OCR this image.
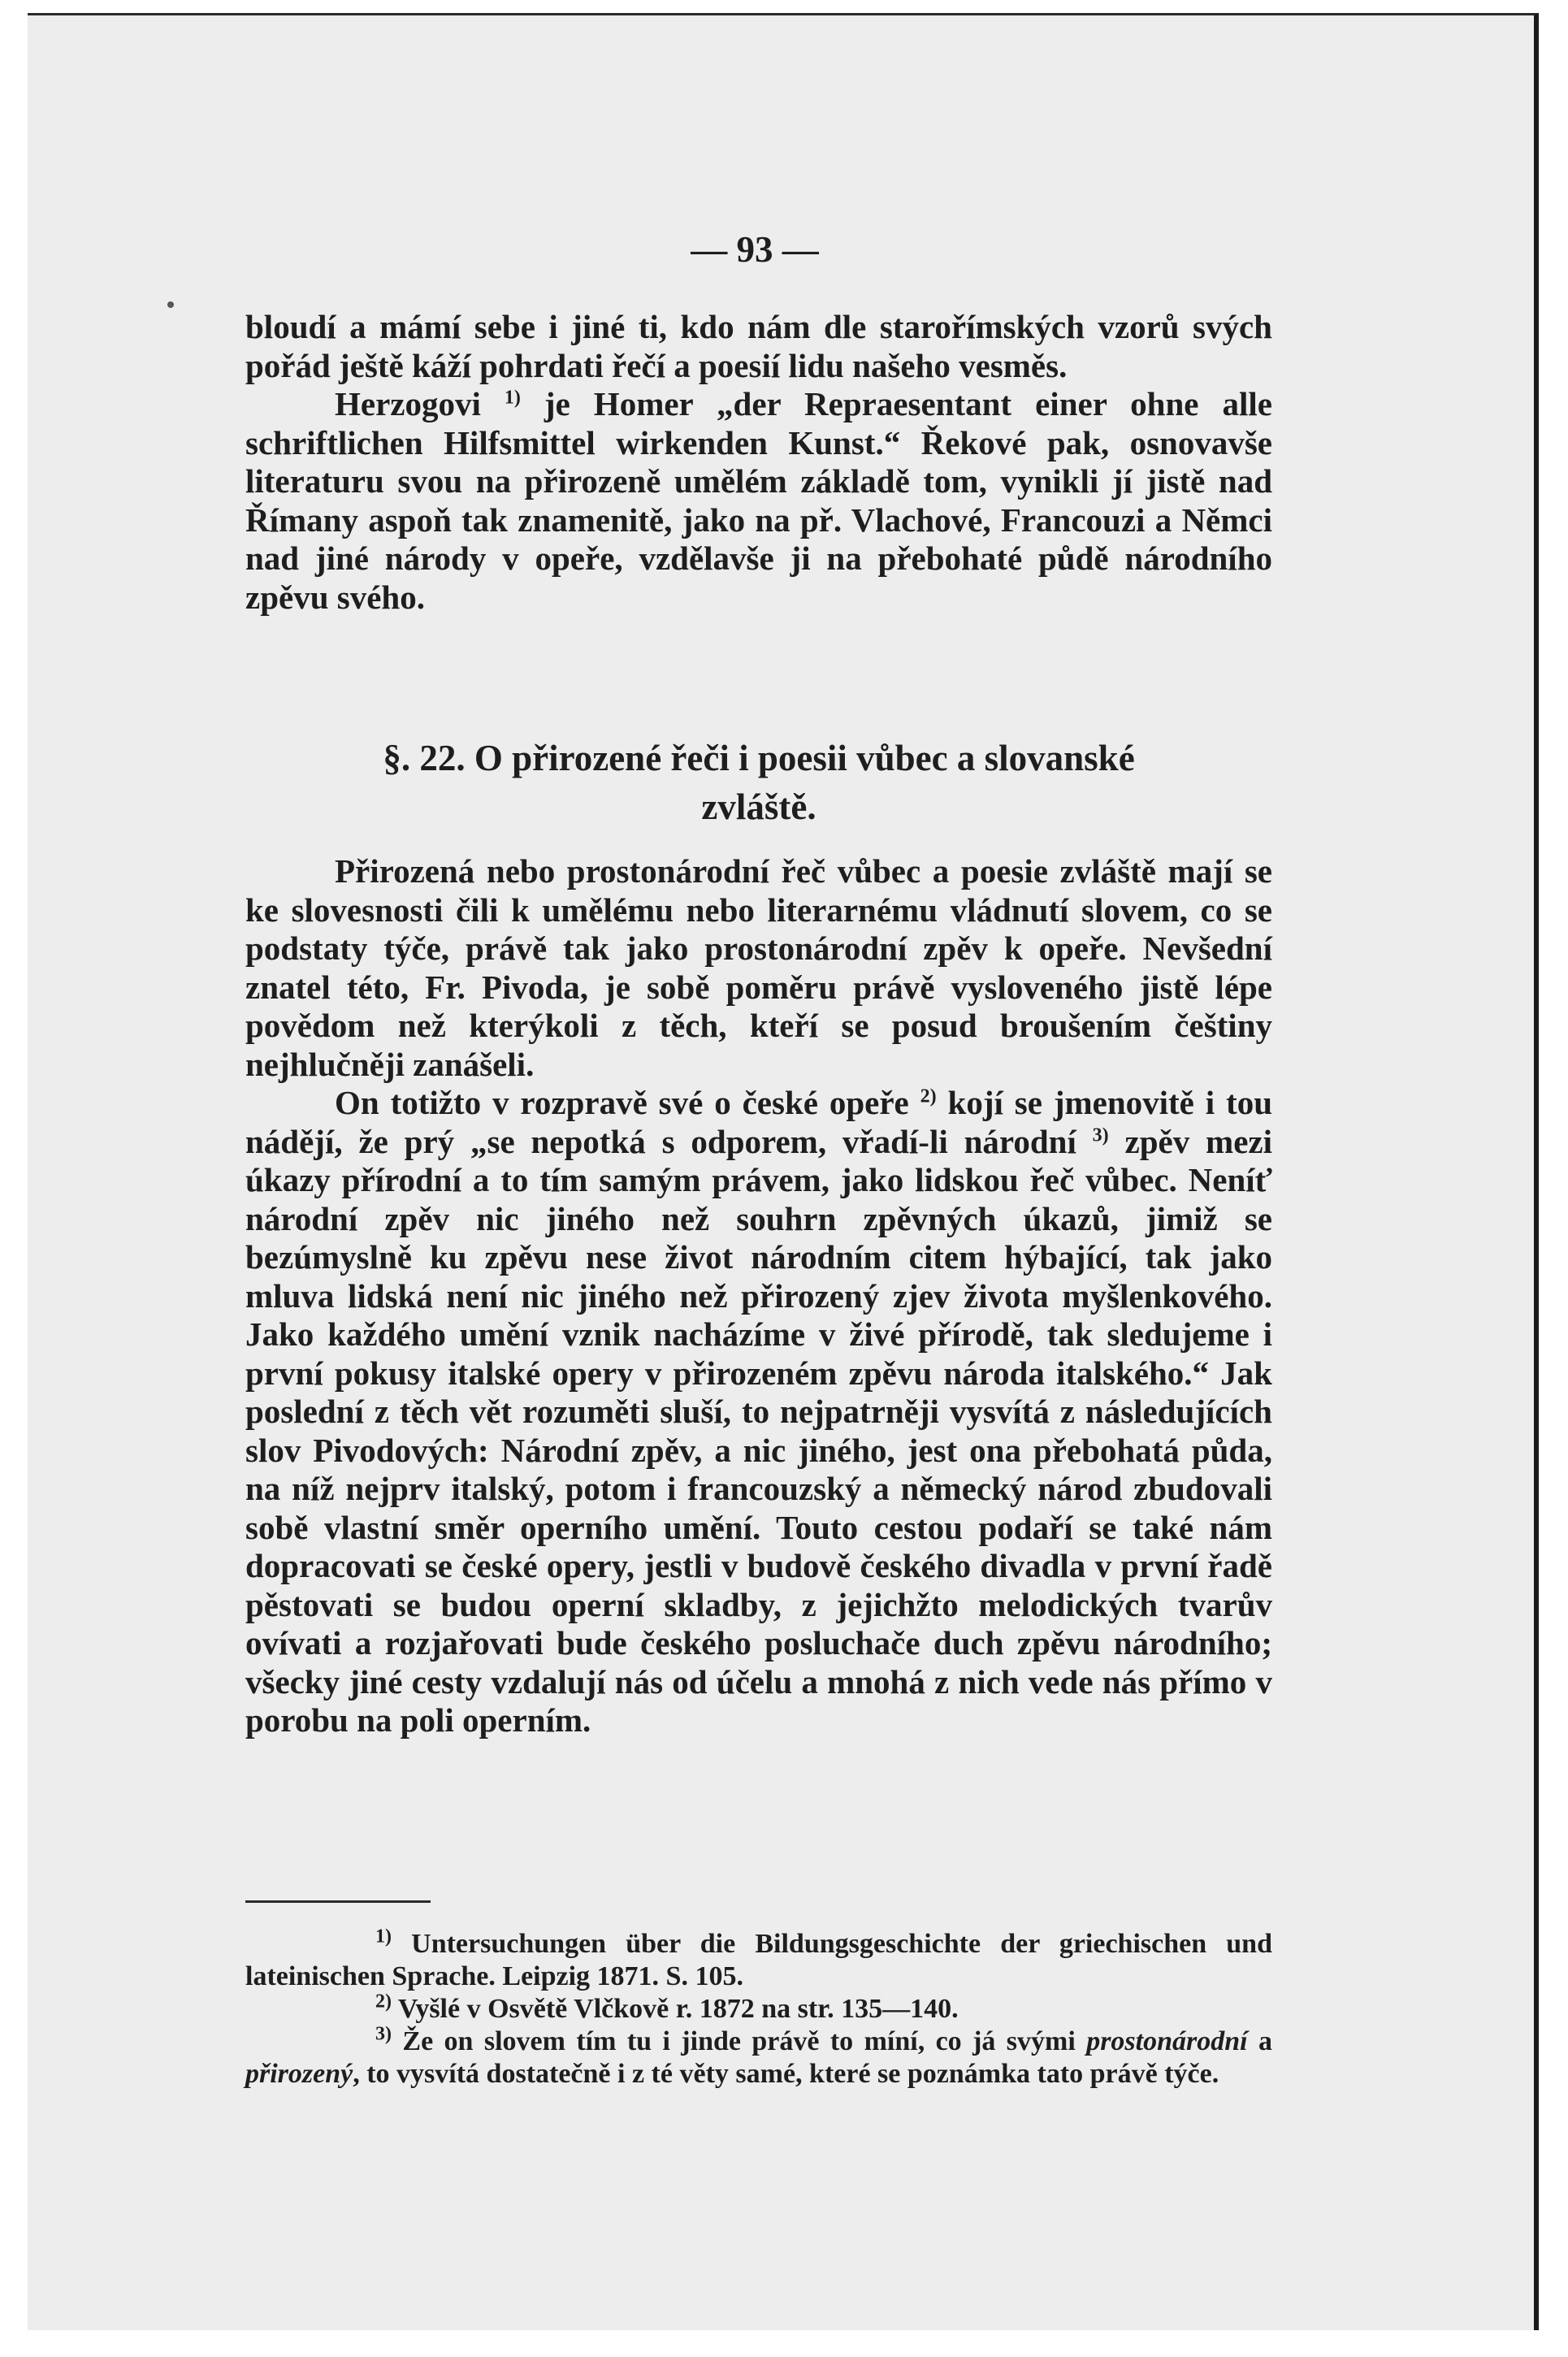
— 93 —

bloudí a mámí sebe i jiné ti, kdo nám dle starořímských vzorů svých pořád ještě káží pohrdati řečí a poesií lidu našeho vesměs.

Herzogovi $^{1)}$ je Homer „der Repraesentant einer ohne alle schriftlichen Hilfsmittel wirkenden Kunst.“ Řekové pak, osnovavše literaturu svou na přirozeně umělém základě tom, vynikli jí jistě nad Římany aspoň tak znamenitě, jako na př. Vlachové, Francouzi a Němci nad jiné národy v opeře, vzdělavše ji na přebohaté půdě národního zpěvu svého.

§. 22. O přirozené řeči i poesii vůbec a slovanské
zvláště.

Přirozená nebo prostonárodní řeč vůbec a poesie zvláště mají se ke slovesnosti čili k umělému nebo literarnému vládnutí slovem, co se podstaty týče, právě tak jako prostonárodní zpěv k opeře. Nevšední znatel této, Fr. Pivoda, je sobě poměru právě vysloveného jistě lépe povědom než kterýkoli z těch, kteří se posud broušením češtiny nejhlučněji zanášeli.

On totižto v rozpravě své o české opeře $^{2)}$ kojí se jmenovitě i tou nádějí, že prý „se nepotká s odporem, vřadí-li národní $^{3)}$ zpěv mezi úkazy přírodní a to tím samým právem, jako lidskou řeč vůbec. Neníť národní zpěv nic jiného než souhrn zpěvných úkazů, jimiž se bezúmyslně ku zpěvu nese život národním citem hýbající, tak jako mluva lidská není nic jiného než přirozený zjev života myšlenkového. Jako každého umění vznik nacházíme v živé přírodě, tak sledujeme i první pokusy italské opery v přirozeném zpěvu národa italského.“ Jak poslední z těch vět rozuměti sluší, to nejpatrněji vysvítá z následujících slov Pivodových: Národní zpěv, a nic jiného, jest ona přebohatá půda, na níž nejprv italský, potom i francouzský a německý národ zbudovali sobě vlastní směr operního umění. Touto cestou podaří se také nám dopracovati se české opery, jestli v budově českého divadla v první řadě pěstovati se budou operní skladby, z jejichžto melodických tvarův ovívati a rozjařovati bude českého posluchače duch zpěvu národního; všecky jiné cesty vzdalují nás od účelu a mnohá z nich vede nás přímo v porobu na poli operním.

$^{1)}$ Untersuchungen über die Bildungsgeschichte der griechischen und lateinischen Sprache. Leipzig 1871. S. 105.

$^{2)}$ Vyšlé v Osvětě Vlčkově r. 1872 na str. 135—140.

$^{3)}$ Že on slovem tím tu i jinde právě to míní, co já svými prostonárodní a přirozený, to vysvítá dostatečně i z té věty samé, které se poznámka tato právě týče.
